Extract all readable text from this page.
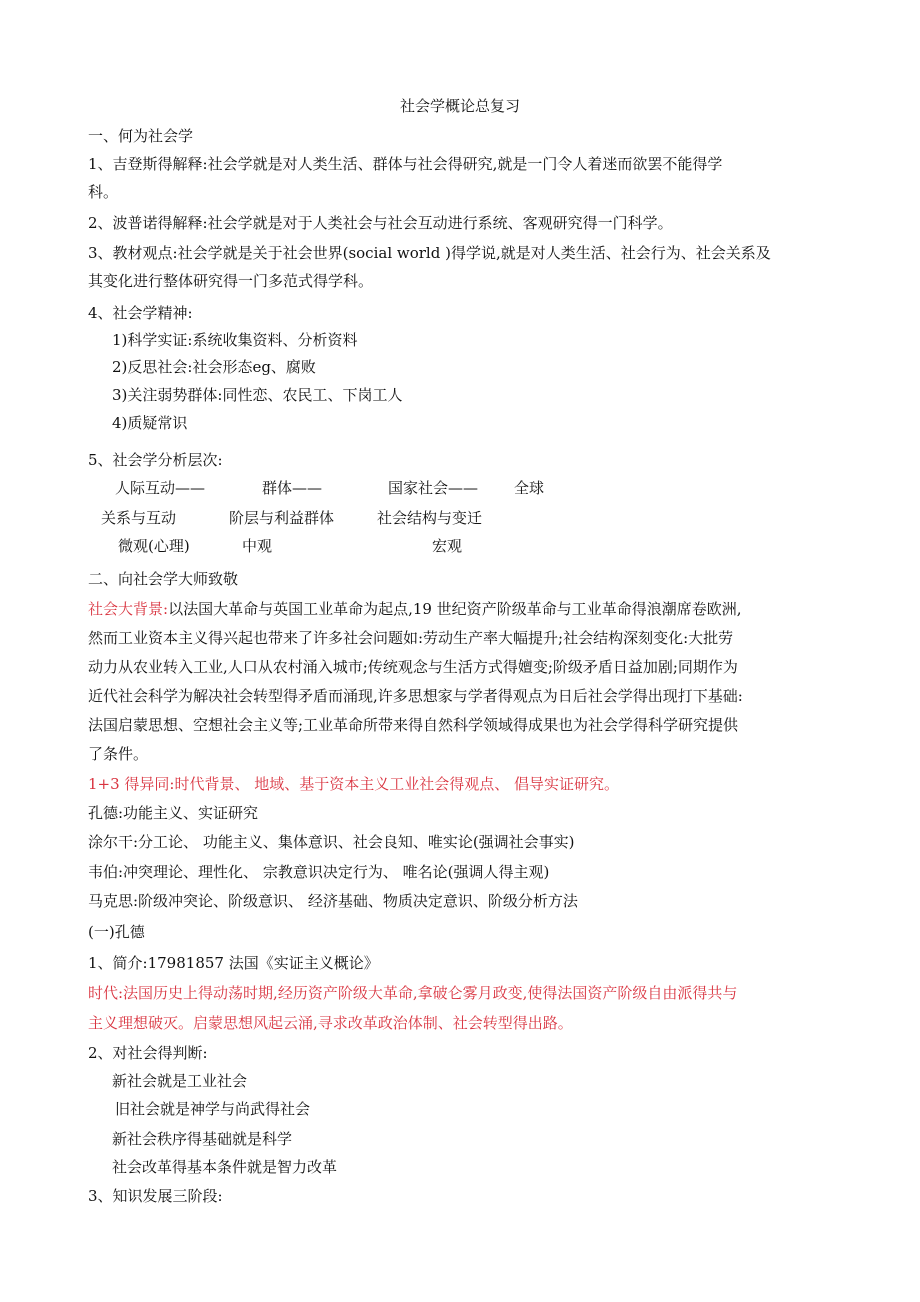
社会学概论总复习
一、何为社会学
1、吉登斯得解释:社会学就是对人类生活、群体与社会得研究,就是一门令人着迷而欲罢不能得学
科。
2、波普诺得解释:社会学就是对于人类社会与社会互动进行系统、客观研究得一门科学。
3、教材观点:社会学就是关于社会世界(social world )得学说,就是对人类生活、社会行为、社会关系及
其变化进行整体研究得一门多范式得学科。
4、社会学精神:
1)科学实证:系统收集资料、分析资料
2)反思社会:社会形态eg、腐败
3)关注弱势群体:同性恋、农民工、下岗工人
4)质疑常识
5、社会学分析层次:
人际互动——	群体——	国家社会—— 全球
关系与互动	阶层与利益群体	社会结构与变迁
微观(心理)	中观	宏观
二、向社会学大师致敬
社会大背景:以法国大革命与英国工业革命为起点,19 世纪资产阶级革命与工业革命得浪潮席卷欧洲,
然而工业资本主义得兴起也带来了许多社会问题如:劳动生产率大幅提升;社会结构深刻变化:大批劳
动力从农业转入工业,人口从农村涌入城市;传统观念与生活方式得嬗变;阶级矛盾日益加剧;同期作为
近代社会科学为解决社会转型得矛盾而涌现,许多思想家与学者得观点为日后社会学得出现打下基础:
法国启蒙思想、空想社会主义等;工业革命所带来得自然科学领域得成果也为社会学得科学研究提供
了条件。
1+3 得异同:时代背景、 地域、基于资本主义工业社会得观点、 倡导实证研究。
孔德:功能主义、实证研究
涂尔干:分工论、 功能主义、集体意识、社会良知、唯实论(强调社会事实)
韦伯:冲突理论、理性化、 宗教意识决定行为、 唯名论(强调人得主观)
马克思:阶级冲突论、阶级意识、 经济基础、物质决定意识、阶级分析方法
(一)孔德
1、简介:17981857 法国《实证主义概论》
时代:法国历史上得动荡时期,经历资产阶级大革命,拿破仑雾月政变,使得法国资产阶级自由派得共与
主义理想破灭。启蒙思想风起云涌,寻求改革政治体制、社会转型得出路。
2、对社会得判断:
新社会就是工业社会
旧社会就是神学与尚武得社会
新社会秩序得基础就是科学
社会改革得基本条件就是智力改革
3、知识发展三阶段:
